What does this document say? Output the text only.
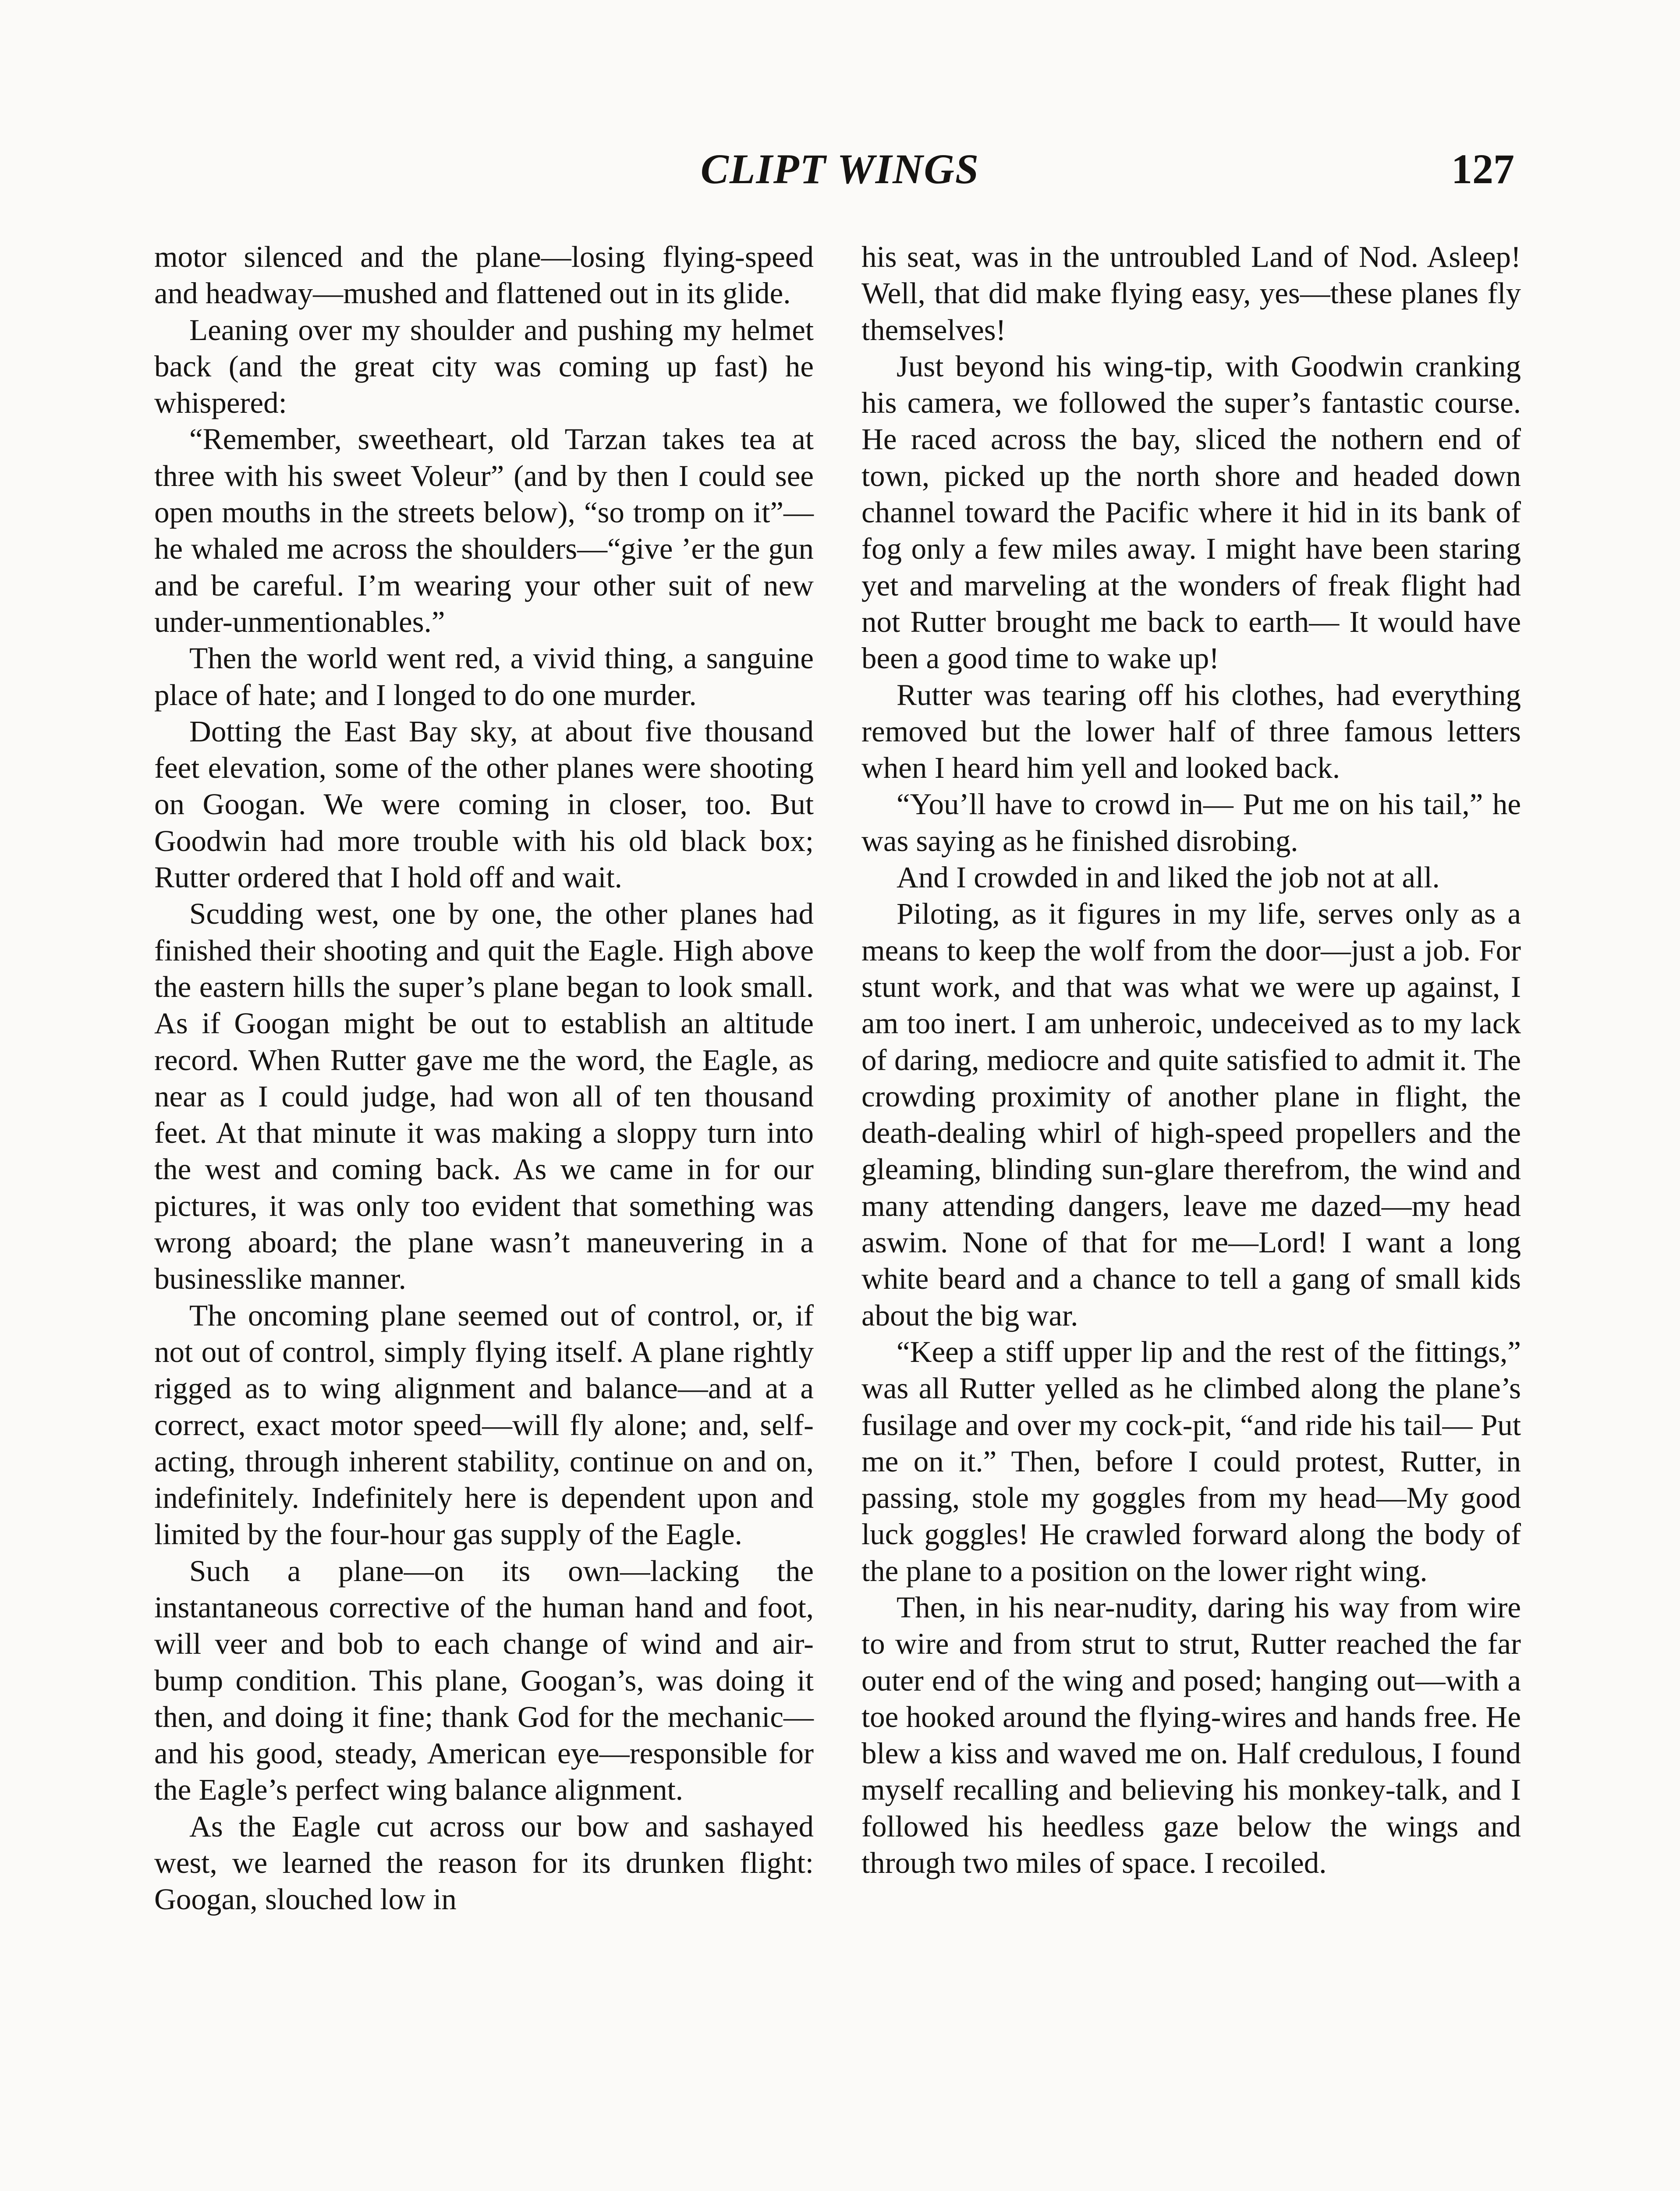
CLIPT WINGS	127

motor silenced and the plane—losing flying-speed and headway—mushed and flattened out in its glide.

Leaning over my shoulder and pushing my helmet back (and the great city was coming up fast) he whispered:

“Remember, sweetheart, old Tarzan takes tea at three with his sweet Voleur” (and by then I could see open mouths in the streets below), “so tromp on it”—he whaled me across the shoulders—“give ’er the gun and be careful. I’m wearing your other suit of new under-unmentionables.”

Then the world went red, a vivid thing, a sanguine place of hate; and I longed to do one murder.

Dotting the East Bay sky, at about five thousand feet elevation, some of the other planes were shooting on Googan. We were coming in closer, too. But Goodwin had more trouble with his old black box; Rutter ordered that I hold off and wait.

Scudding west, one by one, the other planes had finished their shooting and quit the Eagle. High above the eastern hills the super’s plane began to look small. As if Googan might be out to establish an altitude record. When Rutter gave me the word, the Eagle, as near as I could judge, had won all of ten thousand feet. At that minute it was making a sloppy turn into the west and coming back. As we came in for our pictures, it was only too evident that something was wrong aboard; the plane wasn’t maneuvering in a businesslike manner.

The oncoming plane seemed out of control, or, if not out of control, simply flying itself. A plane rightly rigged as to wing alignment and balance—and at a correct, exact motor speed—will fly alone; and, self-acting, through inherent stability, continue on and on, indefinitely. Indefinitely here is dependent upon and limited by the four-hour gas supply of the Eagle.

Such a plane—on its own—lacking the instantaneous corrective of the human hand and foot, will veer and bob to each change of wind and air-bump condition. This plane, Googan’s, was doing it then, and doing it fine; thank God for the mechanic—and his good, steady, American eye—responsible for the Eagle’s perfect wing balance alignment.

As the Eagle cut across our bow and sashayed west, we learned the reason for its drunken flight: Googan, slouched low in

his seat, was in the untroubled Land of Nod. Asleep! Well, that did make flying easy, yes—these planes fly themselves!

Just beyond his wing-tip, with Goodwin cranking his camera, we followed the super’s fantastic course. He raced across the bay, sliced the nothern end of town, picked up the north shore and headed down channel toward the Pacific where it hid in its bank of fog only a few miles away. I might have been staring yet and marveling at the wonders of freak flight had not Rutter brought me back to earth— It would have been a good time to wake up!

Rutter was tearing off his clothes, had everything removed but the lower half of three famous letters when I heard him yell and looked back.

“You’ll have to crowd in— Put me on his tail,” he was saying as he finished disrobing.

And I crowded in and liked the job not at all.

Piloting, as it figures in my life, serves only as a means to keep the wolf from the door—just a job. For stunt work, and that was what we were up against, I am too inert. I am unheroic, undeceived as to my lack of daring, mediocre and quite satisfied to admit it. The crowding proximity of another plane in flight, the death-dealing whirl of high-speed propellers and the gleaming, blinding sun-glare therefrom, the wind and many attending dangers, leave me dazed—my head aswim. None of that for me—Lord! I want a long white beard and a chance to tell a gang of small kids about the big war.

“Keep a stiff upper lip and the rest of the fittings,” was all Rutter yelled as he climbed along the plane’s fusilage and over my cock-pit, “and ride his tail— Put me on it.” Then, before I could protest, Rutter, in passing, stole my goggles from my head—My good luck goggles! He crawled forward along the body of the plane to a position on the lower right wing.

Then, in his near-nudity, daring his way from wire to wire and from strut to strut, Rutter reached the far outer end of the wing and posed; hanging out—with a toe hooked around the flying-wires and hands free. He blew a kiss and waved me on. Half credulous, I found myself recalling and believing his monkey-talk, and I followed his heedless gaze below the wings and through two miles of space. I recoiled.
